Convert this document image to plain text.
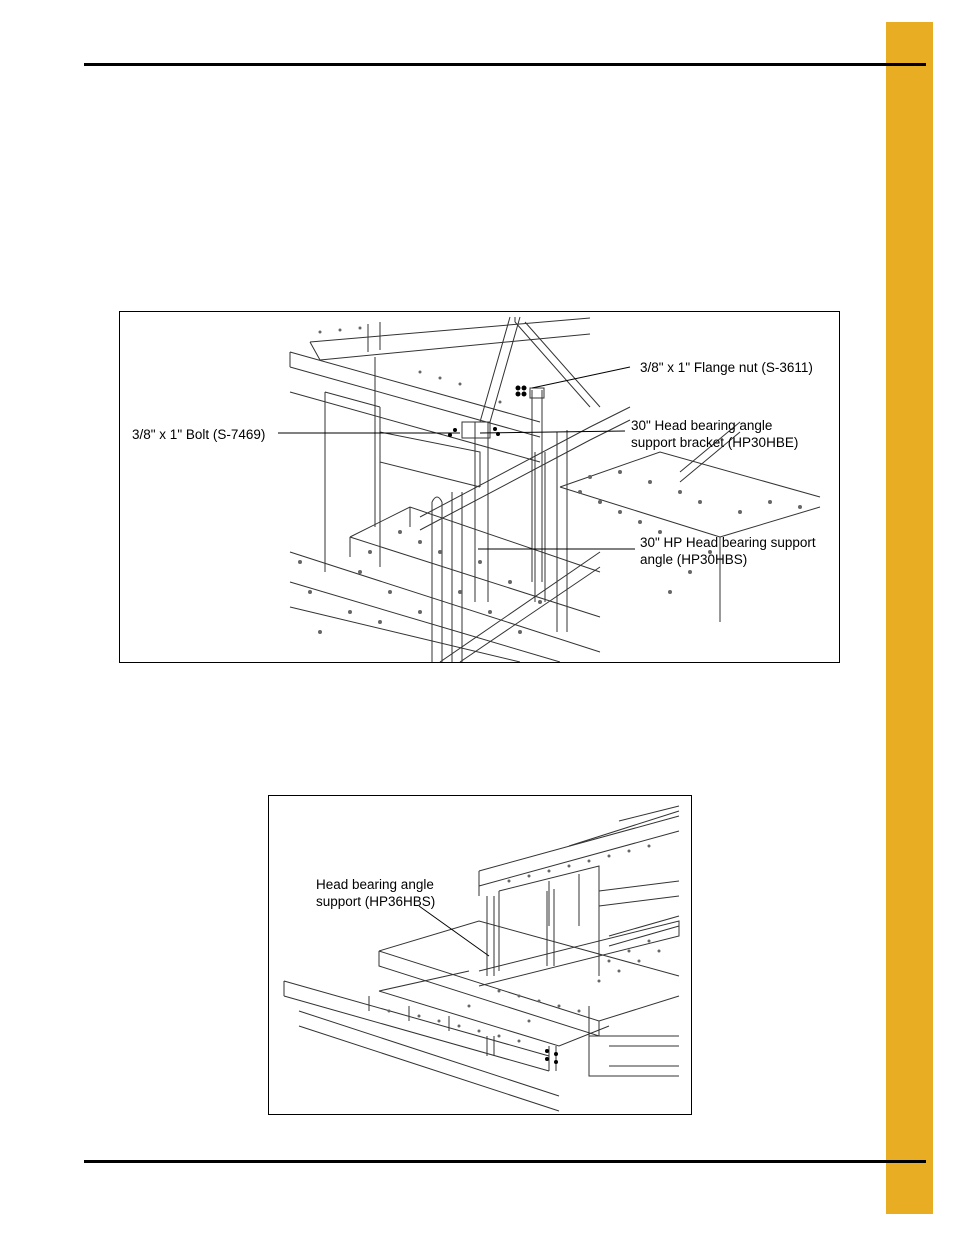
3/8" x 1" Flange nut (S-3611)
3/8" x 1" Bolt (S-7469)
30" Head bearing angle
support bracket (HP30HBE)
30" HP Head bearing support
angle (HP30HBS)
Head bearing angle
support (HP36HBS)
